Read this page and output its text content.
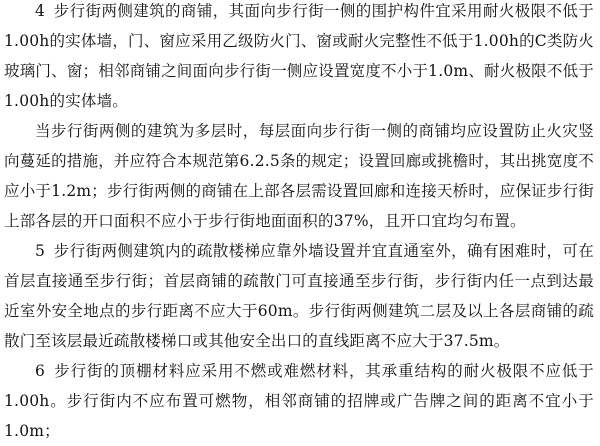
4 步行街两侧建筑的商铺，其面向步行街一侧的围护构件宜采用耐火极限不低于1.00h的实体墙，门、窗应采用乙级防火门、窗或耐火完整性不低于1.00h的C类防火玻璃门、窗；相邻商铺之间面向步行街一侧应设置宽度不小于1.0m、耐火极限不低于1.00h的实体墙。

当步行街两侧的建筑为多层时，每层面向步行街一侧的商铺均应设置防止火灾竖向蔓延的措施，并应符合本规范第6.2.5条的规定；设置回廊或挑檐时，其出挑宽度不应小于1.2m；步行街两侧的商铺在上部各层需设置回廊和连接天桥时，应保证步行街上部各层的开口面积不应小于步行街地面面积的37%，且开口宜均匀布置。

5 步行街两侧建筑内的疏散楼梯应靠外墙设置并宜直通室外，确有困难时，可在首层直接通至步行街；首层商铺的疏散门可直接通至步行街，步行街内任一点到达最近室外安全地点的步行距离不应大于60m。步行街两侧建筑二层及以上各层商铺的疏散门至该层最近疏散楼梯口或其他安全出口的直线距离不应大于37.5m。

6 步行街的顶棚材料应采用不燃或难燃材料，其承重结构的耐火极限不应低于1.00h。步行街内不应布置可燃物，相邻商铺的招牌或广告牌之间的距离不宜小于1.0m；
